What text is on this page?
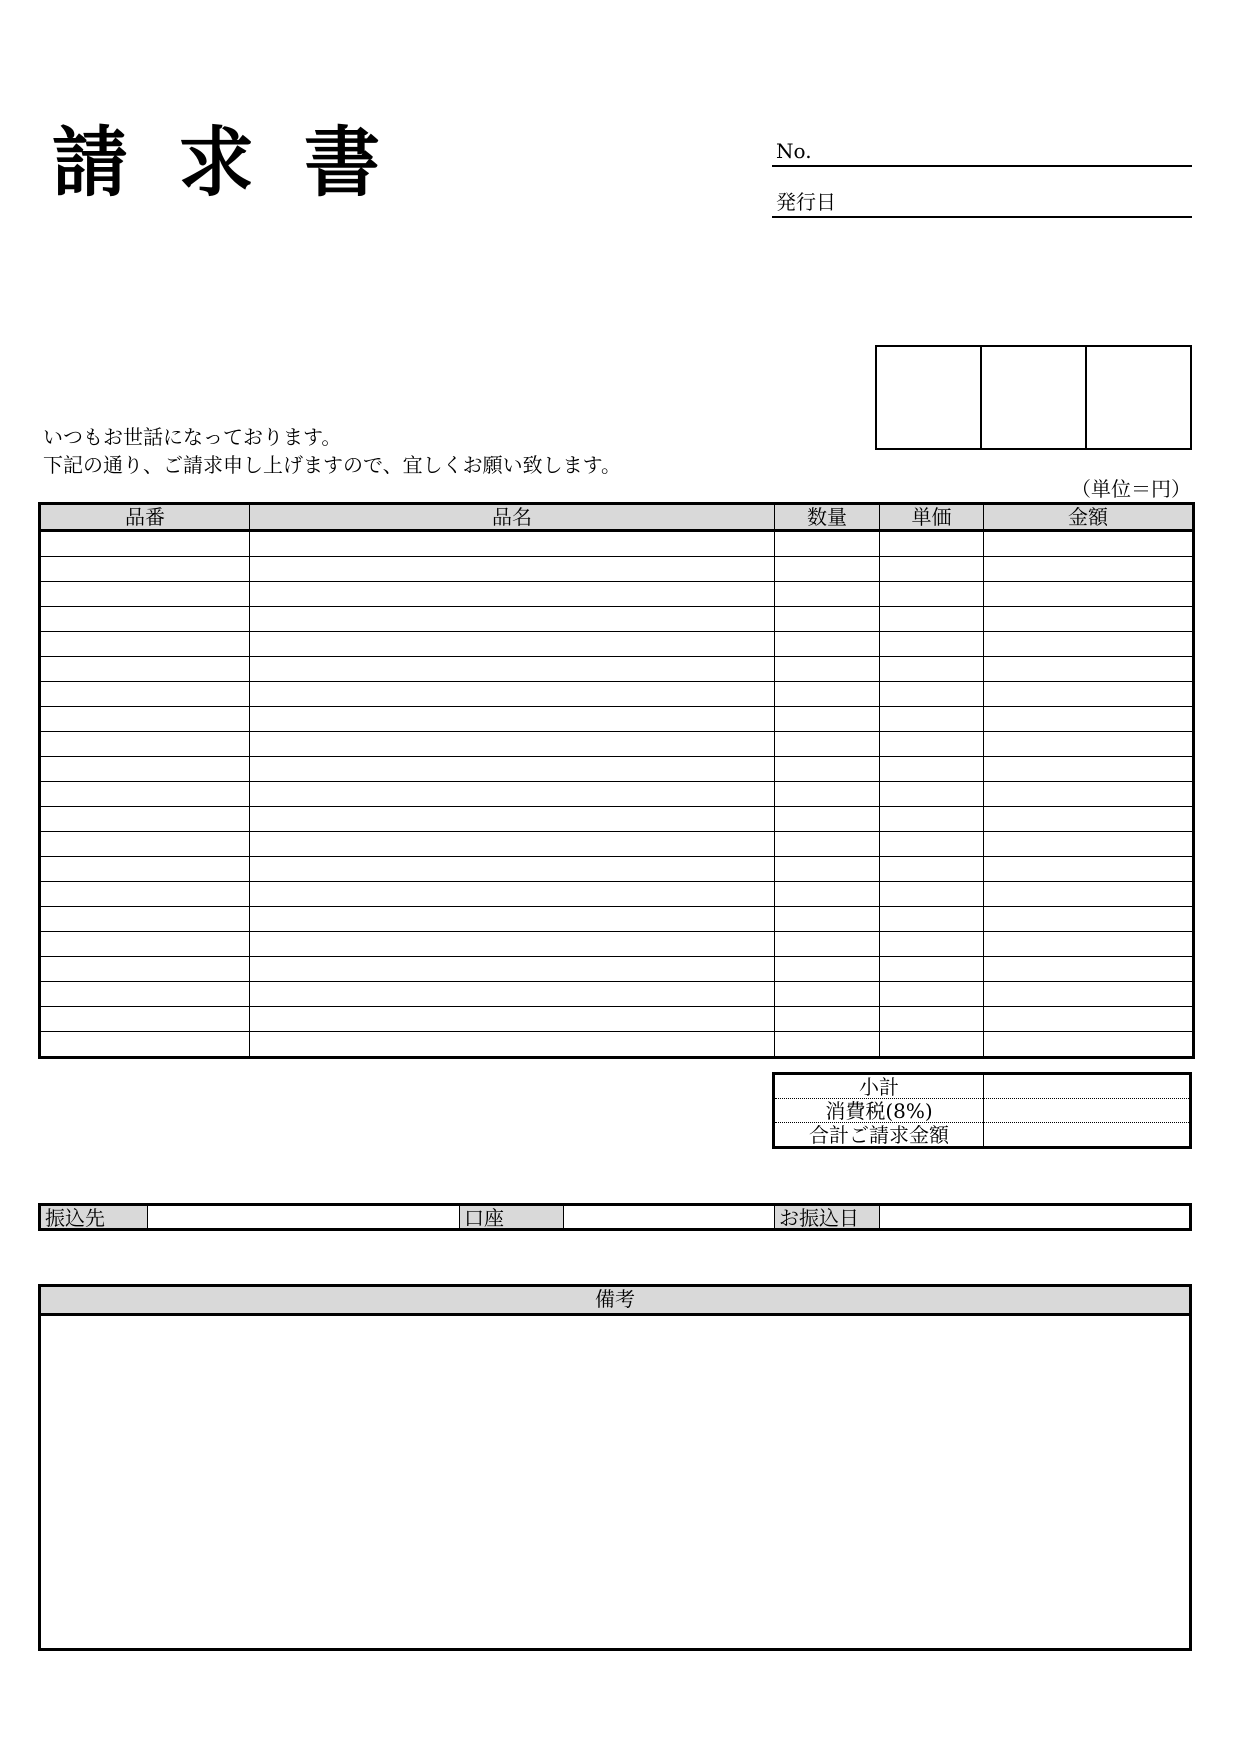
請 求 書	No.
発行日
いつもお世話になっております。
下記の通り、ご請求申し上げますので、宜しくお願い致します。
（単位＝円）
品番	品名	数量	単価	金額

小計	
消費税(8%)	
合計ご請求金額	
振込先	口座	お振込日
備考
